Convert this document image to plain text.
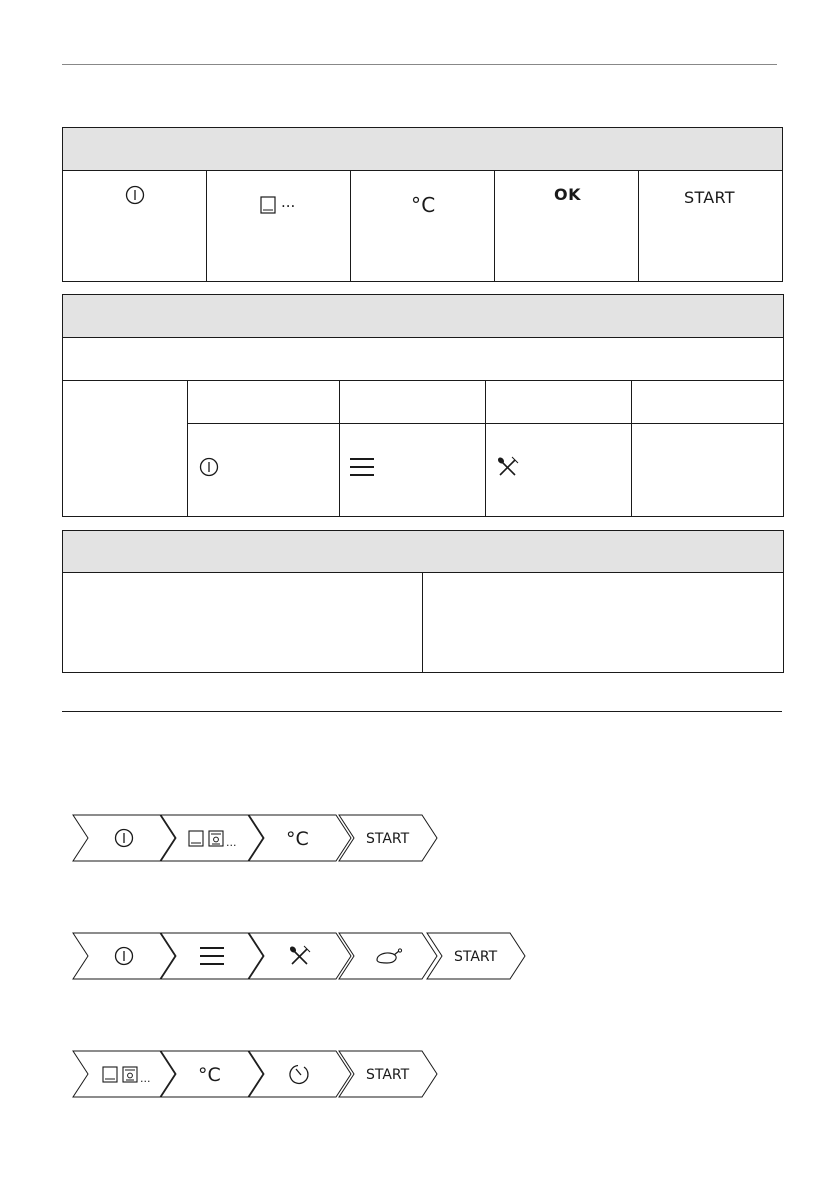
...	°C	OK	START

...	°C	START
START
...	°C	START
